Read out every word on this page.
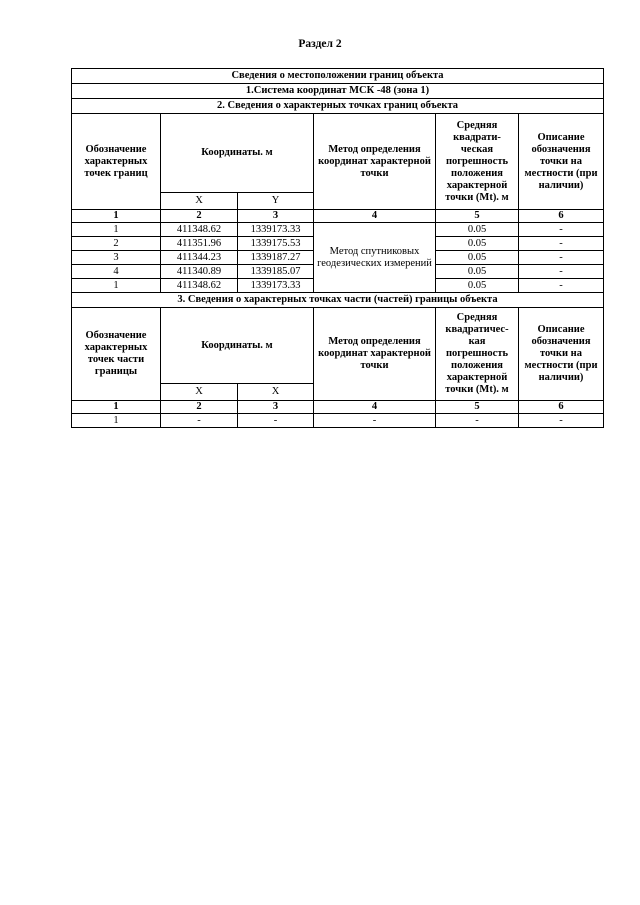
Раздел 2
Сведения о местоположении границ объекта					
1.Система координат МСК -48 (зона 1)					
2. Сведения о характерных точках границ объекта					
Обозначение характерных точек границ	Координаты. м		Метод определения координат характерной точки	Средняя квадрати-ческая погрешность положения характерной точки (Mt). м	Описание обозначения точки на местности (при наличии)
	X	Y			
1	2	3	4	5	6
1	411348.62	1339173.33	Метод спутниковых геодезических измерений	0.05	-
2	411351.96	1339175.53		0.05	-
3	411344.23	1339187.27		0.05	-
4	411340.89	1339185.07		0.05	-
1	411348.62	1339173.33		0.05	-
3. Сведения о характерных точках части (частей) границы объекта					
Обозначение характерных точек части границы	Координаты. м		Метод определения координат характерной точки	Средняя квадратичес-кая погрешность положения характерной точки (Mt). м	Описание обозначения точки на местности (при наличии)
	X	X			
1	2	3	4	5	6
1	-	-	-	-	-
